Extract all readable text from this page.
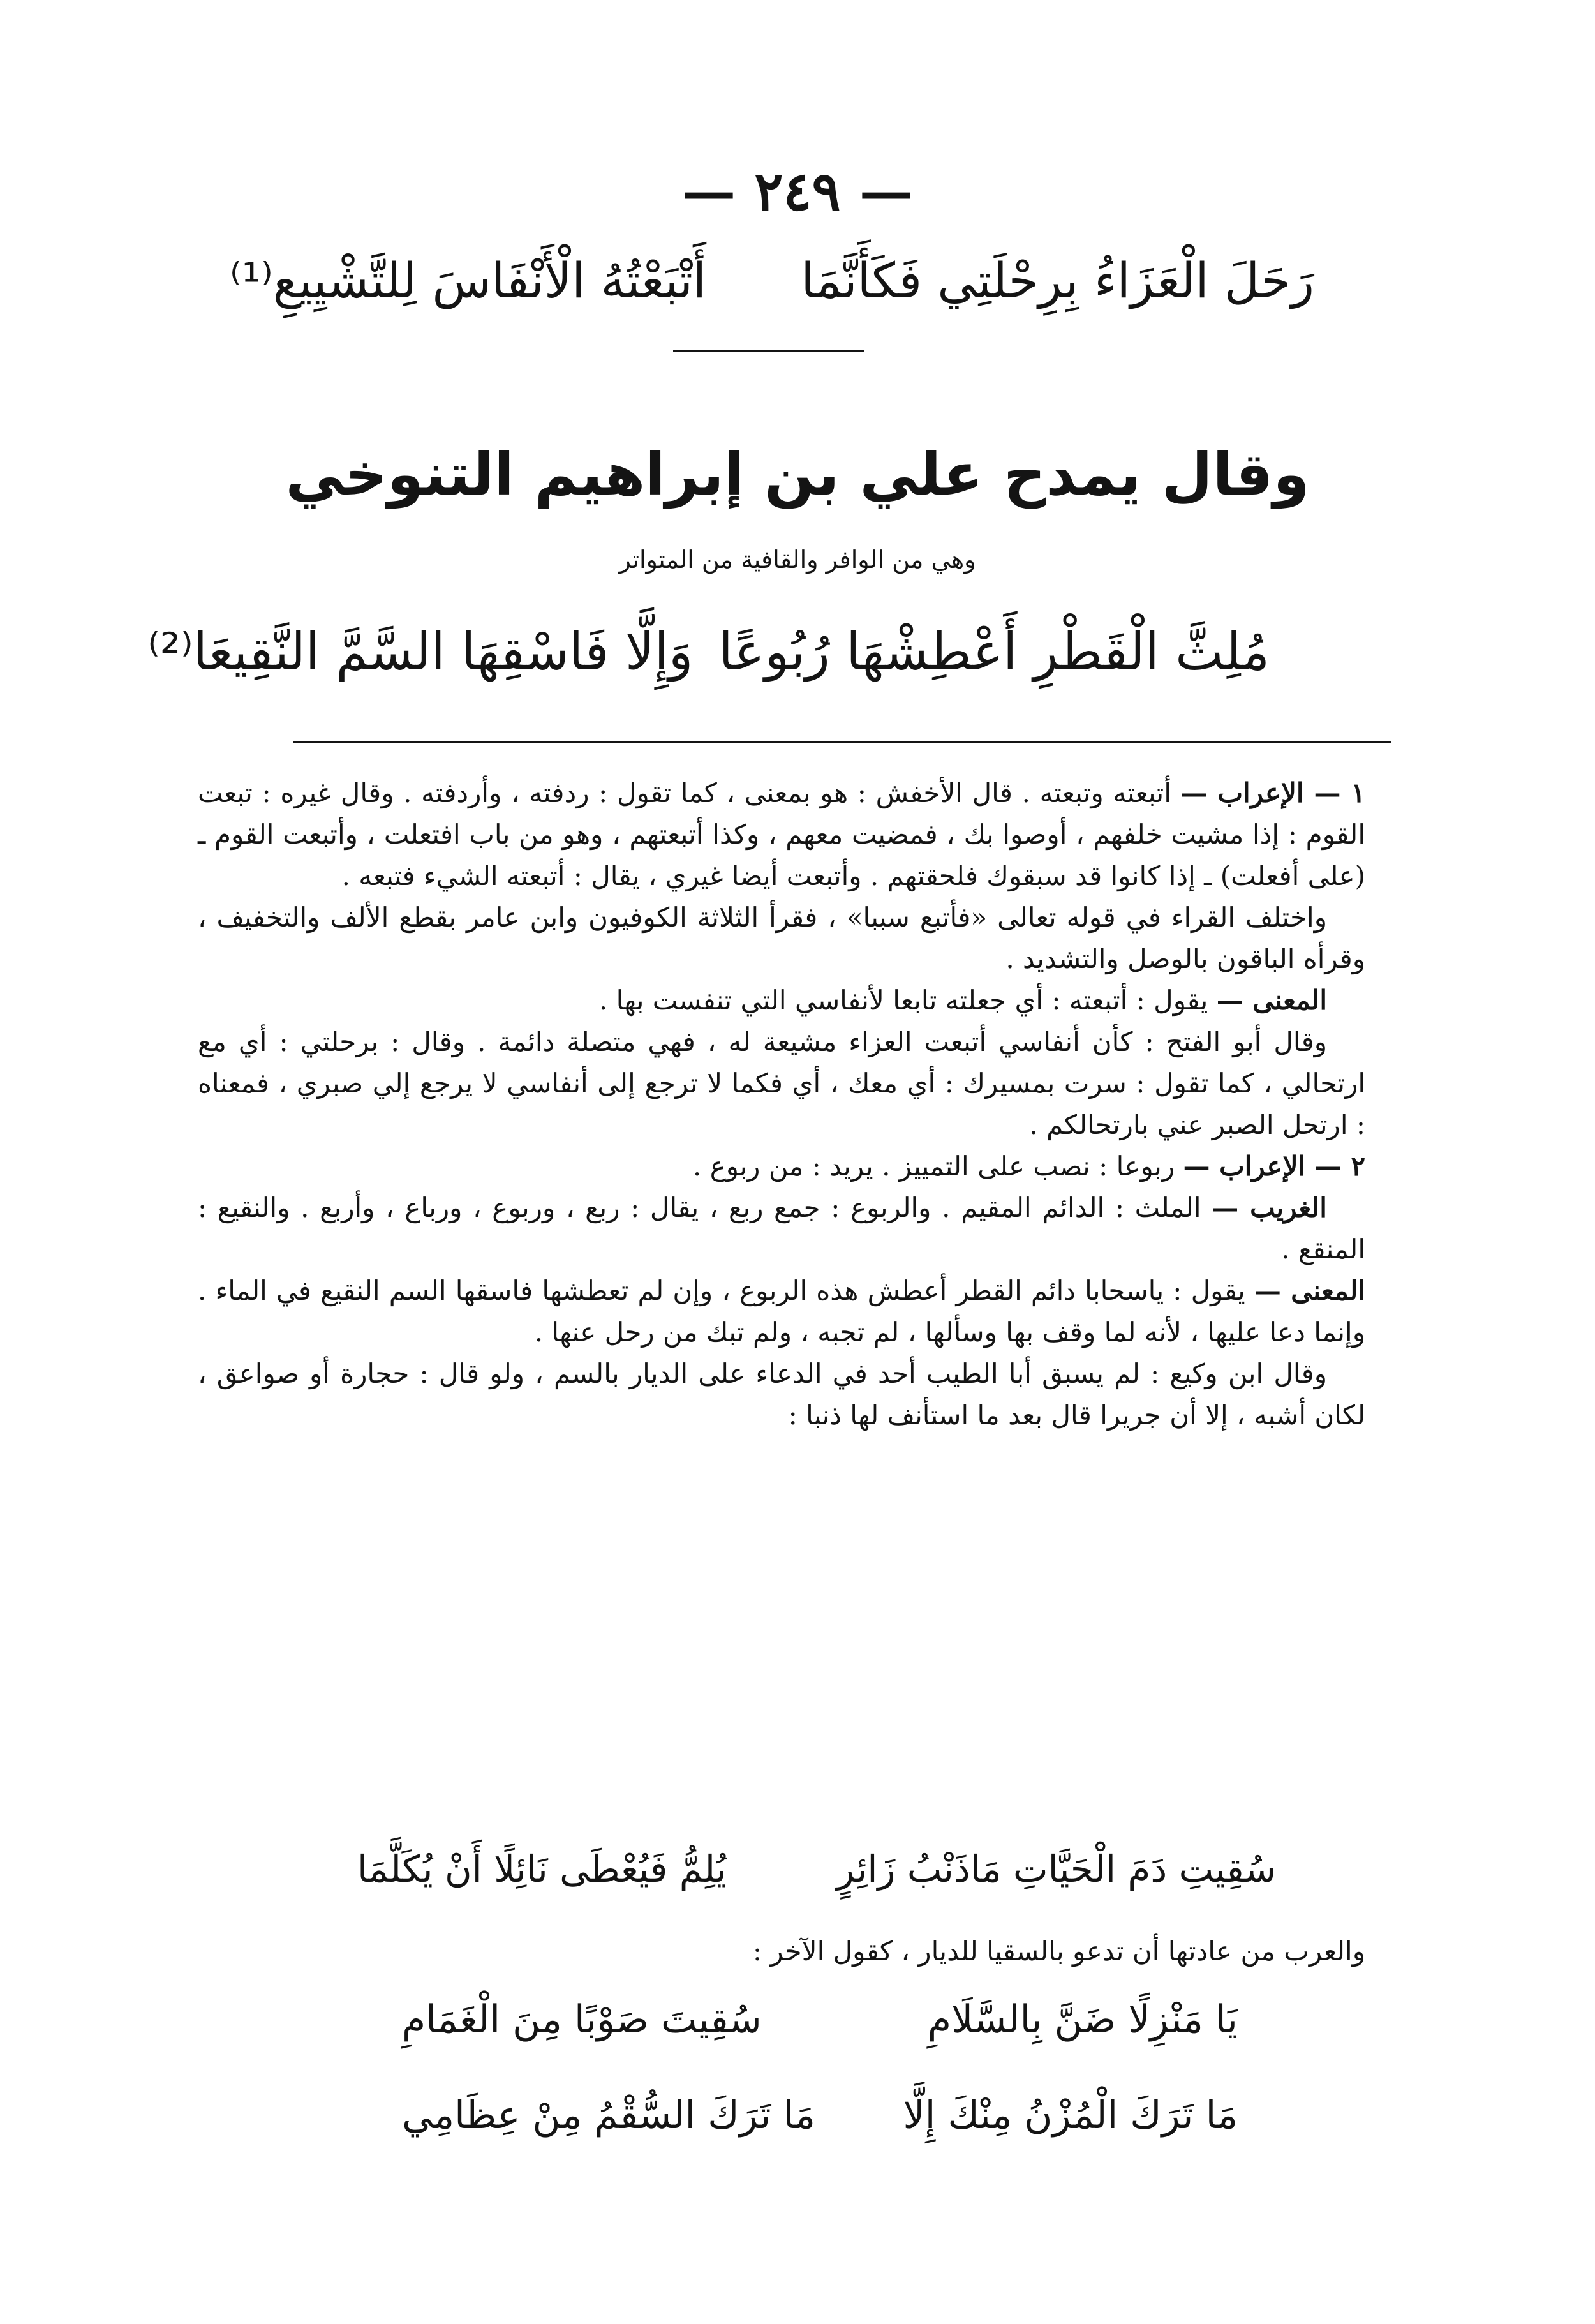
— ٢٤٩ —
رَحَلَ الْعَزَاءُ بِرِحْلَتِي فَكَأَنَّمَا
أَتْبَعْتُهُ الْأَنْفَاسَ لِلتَّشْيِيعِ⁽¹⁾
وقال يمدح علي بن إبراهيم التنوخي
وهي من الوافر والقافية من المتواتر
مُلِثَّ الْقَطْرِ أَعْطِشْهَا رُبُوعًا
وَإِلَّا فَاسْقِهَا السَّمَّ النَّقِيعَا⁽²⁾

١ — الإعراب — أتبعته وتبعته . قال الأخفش : هو بمعنى ، كما تقول : ردفته ، وأردفته . وقال غيره : تبعت القوم : إذا مشيت خلفهم ، أوصوا بك ، فمضيت معهم ، وكذا أتبعتهم ، وهو من باب افتعلت ، وأتبعت القوم ـ (على أفعلت) ـ إذا كانوا قد سبقوك فلحقتهم . وأتبعت أيضا غيري ، يقال : أتبعته الشيء فتبعه .

واختلف القراء في قوله تعالى «فأتبع سببا» ، فقرأ الثلاثة الكوفيون وابن عامر بقطع الألف والتخفيف ، وقرأه الباقون بالوصل والتشديد .

المعنى — يقول : أتبعته : أي جعلته تابعا لأنفاسي التي تنفست بها .

وقال أبو الفتح : كأن أنفاسي أتبعت العزاء مشيعة له ، فهي متصلة دائمة . وقال : برحلتي : أي مع ارتحالي ، كما تقول : سرت بمسيرك : أي معك ، أي فكما لا ترجع إلى أنفاسي لا يرجع إلي صبري ، فمعناه : ارتحل الصبر عني بارتحالكم .

٢ — الإعراب — ربوعا : نصب على التمييز . يريد : من ربوع .

الغريب — الملث : الدائم المقيم . والربوع : جمع ربع ، يقال : ربع ، وربوع ، ورباع ، وأربع . والنقيع : المنقع .

المعنى — يقول : ياسحابا دائم القطر أعطش هذه الربوع ، وإن لم تعطشها فاسقها السم النقيع في الماء . وإنما دعا عليها ، لأنه لما وقف بها وسألها ، لم تجبه ، ولم تبك من رحل عنها .

وقال ابن وكيع : لم يسبق أبا الطيب أحد في الدعاء على الديار بالسم ، ولو قال : حجارة أو صواعق ، لكان أشبه ، إلا أن جريرا قال بعد ما استأنف لها ذنبا :

سُقِيتِ دَمَ الْحَيَّاتِ مَاذَنْبُ زَائِرٍ
يُلِمُّ فَيُعْطَى نَائِلًا أَنْ يُكَلَّمَا
والعرب من عادتها أن تدعو بالسقيا للديار ، كقول الآخر :
يَا مَنْزِلًا ضَنَّ بِالسَّلَامِ
سُقِيتَ صَوْبًا مِنَ الْغَمَامِ
مَا تَرَكَ الْمُزْنُ مِنْكَ إِلَّا
مَا تَرَكَ السُّقْمُ مِنْ عِظَامِي
